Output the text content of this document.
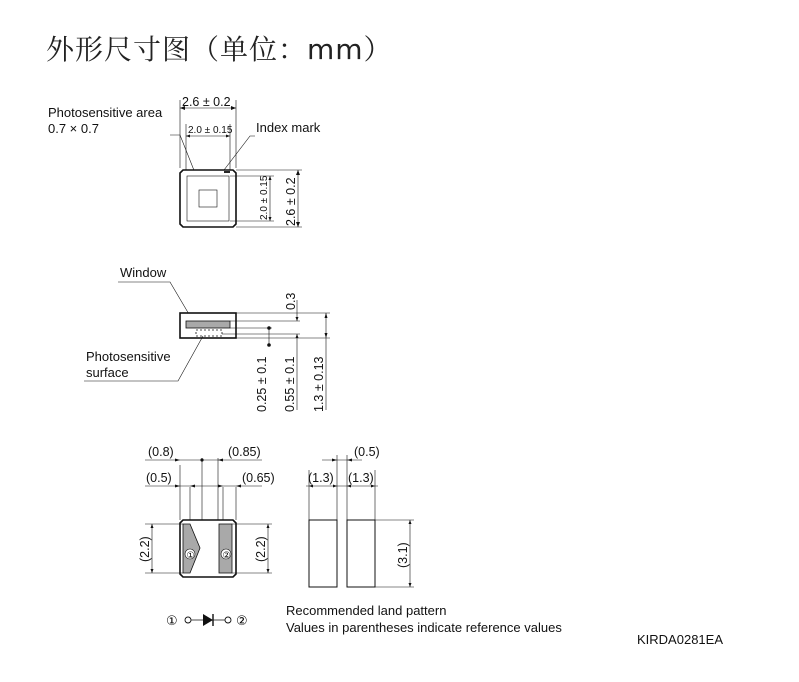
外形尺寸图（单位：mm）
Photosensitive area
0.7 × 0.7
2.6 ± 0.2
2.0 ± 0.15 Index mark
2.0 ± 0.15 2.6 ± 0.2
Window
Photosensitive
surface
0.3
0.25 ± 0.1 0.55 ± 0.1 1.3 ± 0.13
(0.8)	(0.85)
(0.5)	(0.65)
①	②
(2.2)	(2.2)
(0.5)
(1.3) (1.3)
(3.1)
Recommended land pattern
Values in parentheses indicate reference values
①	②
KIRDA0281EA
